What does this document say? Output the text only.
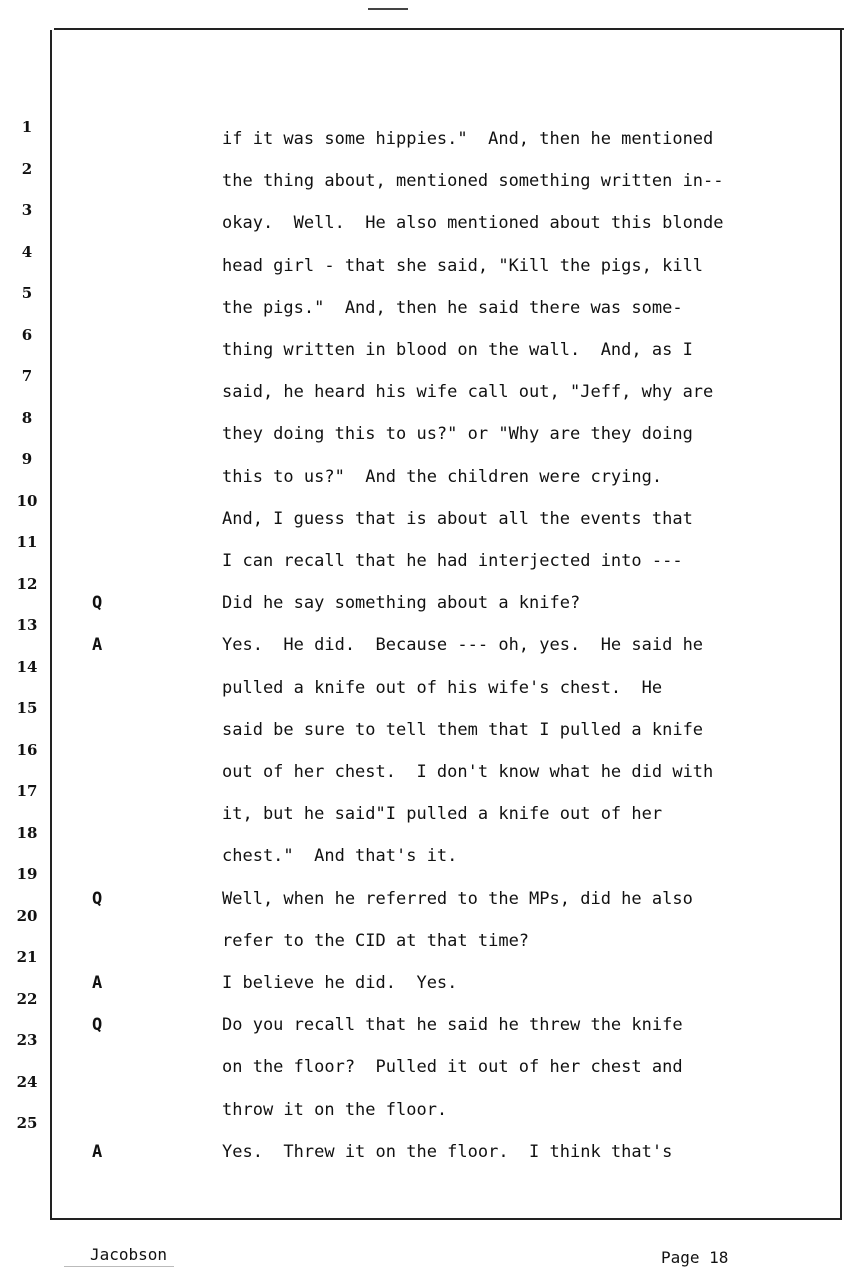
1
2
3
4
5
6
7
8
9
10
11
12
13
14
15
16
17
18
19
20
21
22
23
24
25
if it was some hippies."  And, then he mentioned
the thing about, mentioned something written in--
okay.  Well.  He also mentioned about this blonde
head girl - that she said, "Kill the pigs, kill
the pigs."  And, then he said there was some-
thing written in blood on the wall.  And, as I
said, he heard his wife call out, "Jeff, why are
they doing this to us?" or "Why are they doing
this to us?"  And the children were crying.
And, I guess that is about all the events that
I can recall that he had interjected into ---
Q	Did he say something about a knife?
A	Yes.  He did.  Because --- oh, yes.  He said he
pulled a knife out of his wife's chest.  He
said be sure to tell them that I pulled a knife
out of her chest.  I don't know what he did with
it, but he said"I pulled a knife out of her
chest."  And that's it.
Q	Well, when he referred to the MPs, did he also
refer to the CID at that time?
A	I believe he did.  Yes.
Q	Do you recall that he said he threw the knife
on the floor?  Pulled it out of her chest and
throw it on the floor.
A	Yes.  Threw it on the floor.  I think that's
Jacobson	Page 18
